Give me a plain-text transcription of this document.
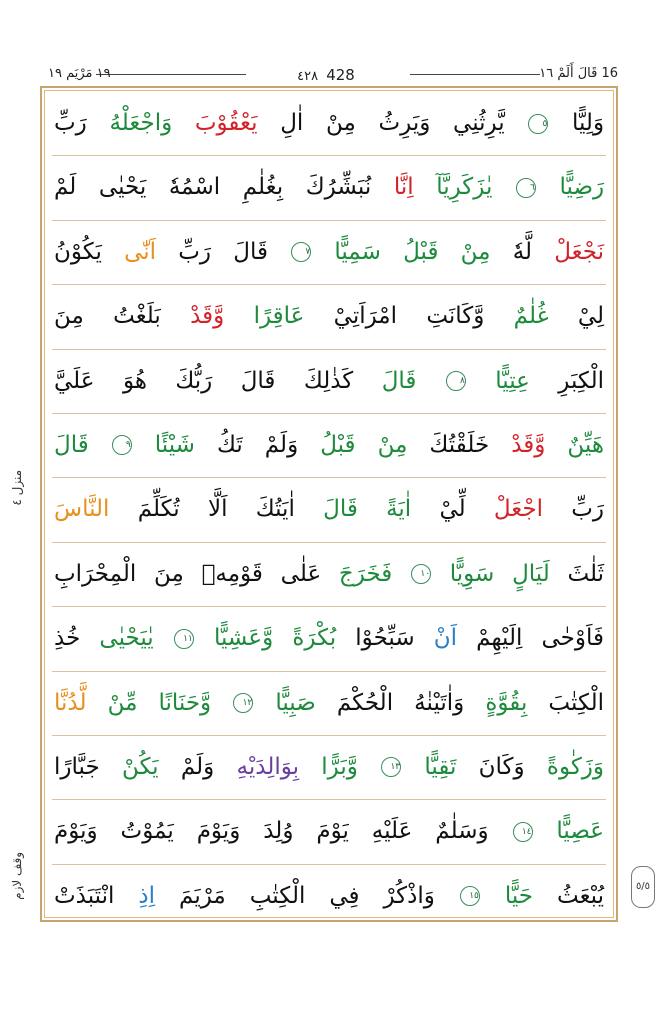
١٩ مَرْيَم ١٩	٤٢٨ 428	16 قَالَ أَلَمْ ١٦
وَلِيًّا ٥ يَّرِثُنِي وَيَرِثُ مِنْ اٰلِ يَعْقُوْبَ وَاجْعَلْهُ رَبِّ
رَضِيًّا ٦ يٰزَكَرِيَّآ اِنَّا نُبَشِّرُكَ بِغُلٰمِ اسْمُهٗ يَحْيٰى لَمْ
نَجْعَلْ لَّهٗ مِنْ قَبْلُ سَمِيًّا ٧ قَالَ رَبِّ اَنّٰى يَكُوْنُ
لِيْ غُلٰمٌ وَّكَانَتِ امْرَاَتِيْ عَاقِرًا وَّقَدْ بَلَغْتُ مِنَ
الْكِبَرِ عِتِيًّا ٨ قَالَ كَذٰلِكَ قَالَ رَبُّكَ هُوَ عَلَيَّ
هَيِّنٌ وَّقَدْ خَلَقْتُكَ مِنْ قَبْلُ وَلَمْ تَكُ شَيْئًا ٩ قَالَ
رَبِّ اجْعَلْ لِّيْ اٰيَةً قَالَ اٰيَتُكَ اَلَّا تُكَلِّمَ النَّاسَ
ثَلٰثَ لَيَالٍ سَوِيًّا ١٠ فَخَرَجَ عَلٰى قَوْمِهٖ مِنَ الْمِحْرَابِ
فَاَوْحٰى اِلَيْهِمْ اَنْ سَبِّحُوْا بُكْرَةً وَّعَشِيًّا ١١ يٰيَحْيٰى خُذِ
الْكِتٰبَ بِقُوَّةٍ وَاٰتَيْنٰهُ الْحُكْمَ صَبِيًّا ١٢ وَّحَنَانًا مِّنْ لَّدُنَّا
وَزَكٰوةً وَكَانَ تَقِيًّا ١٣ وَّبَرًّا بِوَالِدَيْهِ وَلَمْ يَكُنْ جَبَّارًا
عَصِيًّا ١٤ وَسَلٰمٌ عَلَيْهِ يَوْمَ وُلِدَ وَيَوْمَ يَمُوْتُ وَيَوْمَ
يُبْعَثُ حَيًّا ١٥ وَاذْكُرْ فِي الْكِتٰبِ مَرْيَمَ اِذِ انْتَبَذَتْ
منزل ٤
وقف لازم	٥/٥
